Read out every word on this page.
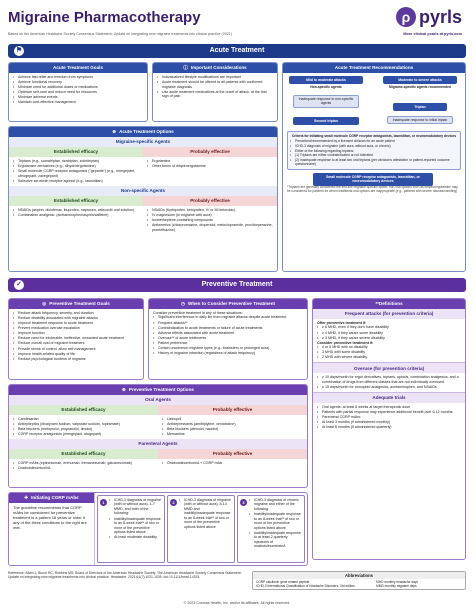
Migraine Pharmacotherapy
Based on the American Headache Society Consensus Statement: Update on integrating new migraine treatments into clinical practice (2021)
ρ pyrls
More clinical pearls at pyrls.com
⚑	Acute Treatment
Acute Treatment Goals
• Achieve fast relief and freedom from symptoms
• Achieve functional recovery
• Minimize need for additional doses or medications
• Optimize self-care and reduce need for resources
• Minimize adverse events
• Maintain cost-effective management
ⓘ Important Considerations
• Individualized lifestyle modifications are important
• Acute treatment should be offered to all patients with confirmed migraine diagnosis
• Use acute treatment medications at the onset of attack, at the first sign of pain
Acute Treatment Recommendations
Mild to moderate attacks	Moderate to severe attacks
Non-specific agents	Migraine-specific agents recommended
Inadequate response to non-specific agents
Triptan
Second triptan	Inadequate response to initial triptan
Criteria for initiating small molecule CGRP receptor antagonists, lasmiditan, or neuromodulatory devices
• Prescribed/recommended by a licensed clinician for an acute patient
• ICHD-3 diagnosis of migraine (with aura, without aura, or chronic)
• Either of the following regarding triptans:
• (1) Triptans are either contraindicated or not tolerated
• (2) Inadequate response to at least two oral triptans (per clinician's attestation or patient-reported outcome questionnaire)
Small molecule CGRP receptor antagonists, lasmiditan, or neuromodulatory devices
*Triptans are generally considered the first-line migraine-specific option; non-oral options such as dihydroergotamine may be considered for patients for whom traditional oral options are inappropriate (e.g., patients with severe nausea/vomiting)
⊕ Acute Treatment Options
Migraine-specific Agents
Established efficacy	Probably effective
• Triptans (e.g., sumatriptan, rizatriptan, zolmitriptan)
• Ergotamine derivatives (e.g., dihydroergotamine)
• Small molecule CGRP receptor antagonists ("gepants") (e.g., rimegepant, ubrogepant, zavegepant)
• Selective serotonin receptor agonist (e.g., lasmiditan)
• Ergotamine
• Other forms of dihydroergotamine
Non-specific Agents
Established efficacy	Probably effective
• NSAIDs (aspirin, diclofenac, ibuprofen, naproxen, celecoxib oral solution)
• Combination analgesic: (acetaminophen/aspirin/caffeine)
• NSAIDs (flurbiprofen, ketoprofen, IV or IM ketorolac)
• IV magnesium (in migraine with aura)
• Isometheptene-containing compounds
• Antiemetics (chlorpromazine, droperidol, metoclopramide, prochlorperazine, promethazine)
✓	Preventive Treatment
◎ Preventive Treatment Goals
• Reduce attack frequency, severity, and duration
• Reduce disability associated with migraine attacks
• Improve treatment response to acute treatment
• Prevent medication overuse escalation
• Improve function
• Reduce need for intolerable, ineffective, unwanted acute treatment
• Reduce overall cost of migraine treatment
• Provide sense of control, allow self-management
• Improve health-related quality of life
• Reduce psychological burdens of migraine
◷ When to Consider Preventive Treatment
Consider preventive treatment in any of these situations:
• Significant interference in daily life from migraine attacks despite acute treatment
• Frequent attacks**
• Contraindication to acute treatments or failure of acute treatments
• Adverse effects associated with acute treatment
• Overuse** of acute treatments
• Patient preference
• Certain uncommon migraine types (e.g., brainstem or prolonged aura)
• History of migraine infarction (regardless of attack frequency)
**Definitions
Frequent attacks (for prevention criteria)
Offer preventive treatment if:
• ≥ 6 MHD, even if they don't have disability
• ≥ 4 MHD, if they cause some disability
• ≥ 3 MHD, if they cause severe disability
Consider preventive treatment if:
• 4 or 5 MHD with no disability
• 3 MHD with some disability
• 2 MHD with severe disability
Overuse (for prevention criteria)
• ≥ 10 days/month for ergot derivatives, triptans, opioids, combination analgesics, and a combination of drugs from different classes that are not individually overused
• ≥ 15 days/month for nonopioid analgesics, acetaminophen, and NSAIDs
Adequate trials
• Oral agents: at least 8 weeks at target therapeutic dose
• Patients with partial response may experience additional benefit over 6-12 months
• Parenteral CGRP mAbs:
• At least 3 months (if administered monthly)
• At least 6 months (if administered quarterly)
⊕ Preventive Treatment Options
Oral Agents
Established efficacy	Probably effective
• Candesartan
• Antiepileptics (divalproex sodium, valproate sodium, topiramate)
• Beta blockers (metoprolol, propranolol, timolol)
• CGRP receptor antagonists (rimegepant, atogepant)
• Lisinopril
• Antidepressants (amitriptyline, venlafaxine)
• Beta blockers (atenolol, nadolol)
• Memantine
Parenteral Agents
Established efficacy	Probably effective
• CGRP mAbs (eptinezumab, erenumab, fremanezumab, galcanezumab)
• OnabotulinumtoxinA
• OnabotulinumtoxinA + CGRP mAb
✚ Initiating CGRP mAbs
The guideline recommends that CGRP mAbs be considered for preventive treatment in a patient 18 years or older if any of the three conditions to the right are met.
1	• ICHD-3 diagnosis of migraine (with or without aura), 4-7 MMD, and both of the following:
• Inability/inadequate response to an 8-week trial** of two or more of the preventive options listed above
• At least moderate disability
2	• ICHD-3 diagnosis of migraine (with or without aura), 8-14 MMD and inability/inadequate response to an 8-week trial** of two or more of the preventive options listed above
3	• ICHD-3 diagnosis of chronic migraine and either of the following:
• Inability/inadequate response to an 8-week trial** of two or more of the preventive options listed above
• Inability/inadequate response to at least 2 quarterly injections of onabotulinumtoxinA
Reference: Ailani J, Burch RC, Robbins MS; Board of Directors of the American Headache Society. The American Headache Society Consensus Statement: Update on integrating new migraine treatments into clinical practice. Headache. 2021;61(7):1021-1039. doi:10.1111/head.14153	Abbreviations
CGRP calcitonin gene related peptide
ICHD-3 International Classification of Headache Disorders, 3rd edition
MHD monthly headache days
MMD monthly migraine days
© 2023 Cosmas Health, Inc. and/or its affiliates. All rights reserved.
